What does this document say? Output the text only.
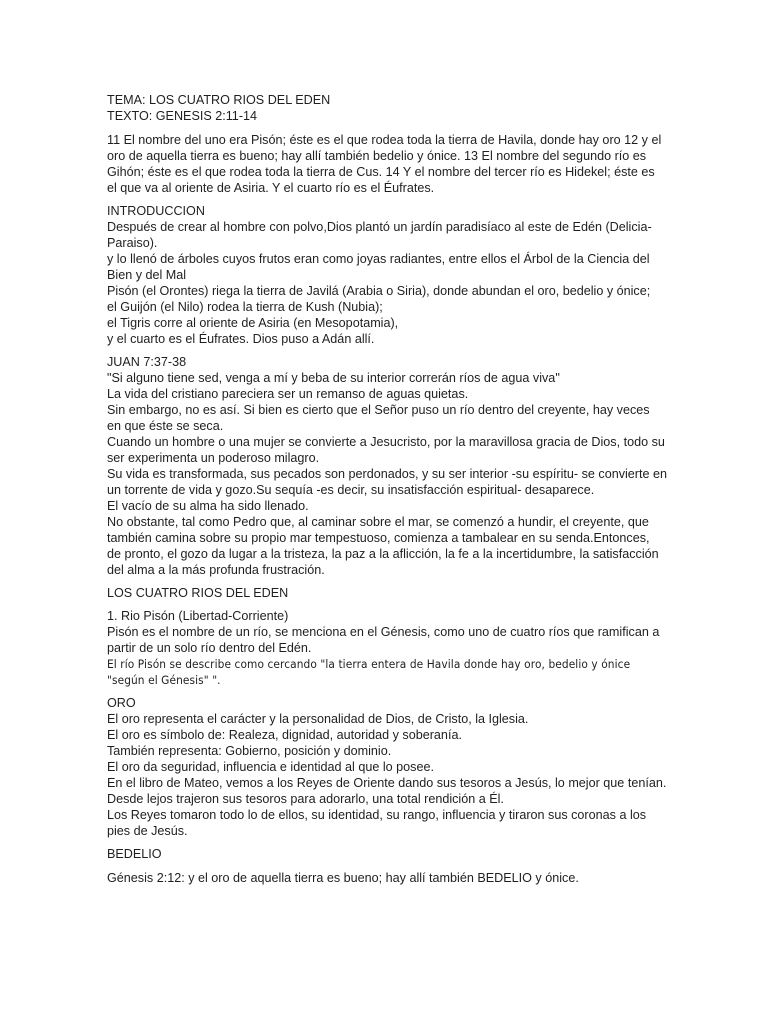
TEMA: LOS CUATRO RIOS DEL EDEN
TEXTO: GENESIS 2:11-14
11 El nombre del uno era Pisón; éste es el que rodea toda la tierra de Havila, donde hay oro 12 y el oro de aquella tierra es bueno; hay allí también bedelio y ónice. 13 El nombre del segundo río es Gihón; éste es el que rodea toda la tierra de Cus. 14 Y el nombre del tercer río es Hidekel; éste es el que va al oriente de Asiria. Y el cuarto río es el Éufrates.
INTRODUCCION
Después de crear al hombre con polvo,Dios plantó un jardín paradisíaco al este de Edén (Delicia-Paraiso).
y lo llenó de árboles cuyos frutos eran como joyas radiantes, entre ellos el Árbol de la Ciencia del Bien y del Mal
Pisón (el Orontes) riega la tierra de Javilá (Arabia o Siria), donde abundan el oro, bedelio y ónice;
el Guijón (el Nilo) rodea la tierra de Kush (Nubia);
el Tigris corre al oriente de Asiria (en Mesopotamia),
y el cuarto es el Éufrates. Dios puso a Adán allí.
JUAN 7:37-38
"Si alguno tiene sed, venga a mí y beba de su interior correrán ríos de agua viva"
La vida del cristiano pareciera ser un remanso de aguas quietas.
Sin embargo, no es así. Si bien es cierto que el Señor puso un río dentro del creyente, hay veces en que éste se seca.
Cuando un hombre o una mujer se convierte a Jesucristo, por la maravillosa gracia de Dios, todo su ser experimenta un poderoso milagro.
Su vida es transformada, sus pecados son perdonados, y su ser interior -su espíritu- se convierte en un torrente de vida y gozo.Su sequía -es decir, su insatisfacción espiritual- desaparece.
El vacío de su alma ha sido llenado.
No obstante, tal como Pedro que, al caminar sobre el mar, se comenzó a hundir, el creyente, que también camina sobre su propio mar tempestuoso, comienza a tambalear en su senda.Entonces, de pronto, el gozo da lugar a la tristeza, la paz a la aflicción, la fe a la incertidumbre, la satisfacción del alma a la más profunda frustración.
LOS CUATRO RIOS DEL EDEN
1. Rio Pisón (Libertad-Corriente)
Pisón es el nombre de un río, se menciona en el Génesis, como uno de cuatro ríos que ramifican a partir de un solo río dentro del Edén.
El río Pisón se describe como cercando "la tierra entera de Havila donde hay oro, bedelio y ónice "según el Génesis" ".
ORO
El oro representa el carácter y la personalidad de Dios, de Cristo, la Iglesia.
El oro es símbolo de: Realeza, dignidad, autoridad y soberanía.
También representa: Gobierno, posición y dominio.
El oro da seguridad, influencia e identidad al que lo posee.
En el libro de Mateo, vemos a los Reyes de Oriente dando sus tesoros a Jesús, lo mejor que tenían.
Desde lejos trajeron sus tesoros para adorarlo, una total rendición a Él.
Los Reyes tomaron todo lo de ellos, su identidad, su rango, influencia y tiraron sus coronas a los pies de Jesús.
BEDELIO
Génesis 2:12: y el oro de aquella tierra es bueno; hay allí también BEDELIO y ónice.
